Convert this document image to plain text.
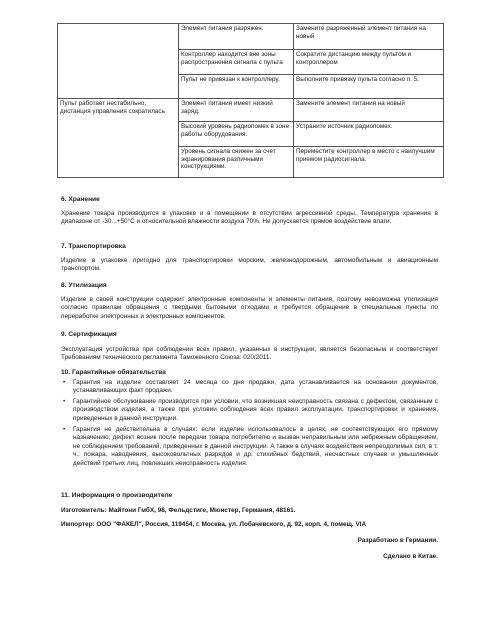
	Элемент питания разряжен.	Замените разряженный элемент питания на новый
	Контроллер находится вне зоны распространения сигнала с пульта	Сократите дистанцию между пультом и контроллером
	Пульт не привязан к контроллеру.	Выполните привязку пульта согласно п. 5.
Пульт работает нестабильно, дистанция управления сократилась	Элемент питания имеет низкий заряд.	Замените элемент питания на новый
	Высокий уровень радиопомех в зоне работы оборудования.	Устраните источник радиопомех.
	Уровень сигнала снижен за счет экранирования различными конструкциями.	Переместите контроллер в место с наилучшим приемом радиосигнала.
6. Хранение
Хранение товара производится в упаковке и в помещении в отсутствии агрессивной среды. Температура хранения в диапазоне от -30...+50°С и относительной влажности воздуха 70%. Не допускается прямое воздействие влаги.
7. Транспортировка
Изделие в упаковке пригодно для транспортировки морским, железнодорожным, автомобильным и авиационным транспортом.
8. Утилизация
Изделие в своей конструкции содержит электронные компоненты и элементы питания, поэтому невозможна утилизация согласно правилам обращения с твердыми бытовыми отходами и требуется обращение в специальные пункты по переработке электронных и электронных компонентов.
9. Сертификация
Эксплуатация устройства при соблюдении всех правил, указанных в инструкции, является безопасным и соответствует Требованиям технического регламента Таможенного Союза: 020/2011.
10. Гарантийные обязательства
• Гарантия на изделие составляет 24 месяца со дня продажи, дата устанавливается на основании документов, устанавливающих факт продажи.
• Гарантийное обслуживание производится при условии, что возникшая неисправность связана с дефектом, связанным с производством изделия, а также при условии соблюдения всех правил эксплуатации, транспортировки и хранения, приведенных в данной инструкции.
• Гарантия не действительна в случаях: если изделие использовалось в целях, не соответствующих его прямому назначению; дефект возник после передачи товара потребителю и вызван неправильным или небрежным обращением, не соблюдением требований, приведенных в данной инструкции. А также в случаях воздействия непреодолимых сил, в т. ч.: пожара, наводнения, высоковольтных разрядов и др. стихийных бедствий, несчастных случаев и умышленных действий третьих лиц, повлекших неисправность изделия.
11. Информация о производителе
Изготовитель: Майтони ГмбХ, 98, Фельдстиге, Мюнстер, Германия, 48161.
Импортер: ООО "ФАКЕЛ", Россия, 119454, г. Москва, ул. Лобачевского, д. 92, корп. 4, помещ. VIA
Разработано в Германии.
Сделано в Китае.
